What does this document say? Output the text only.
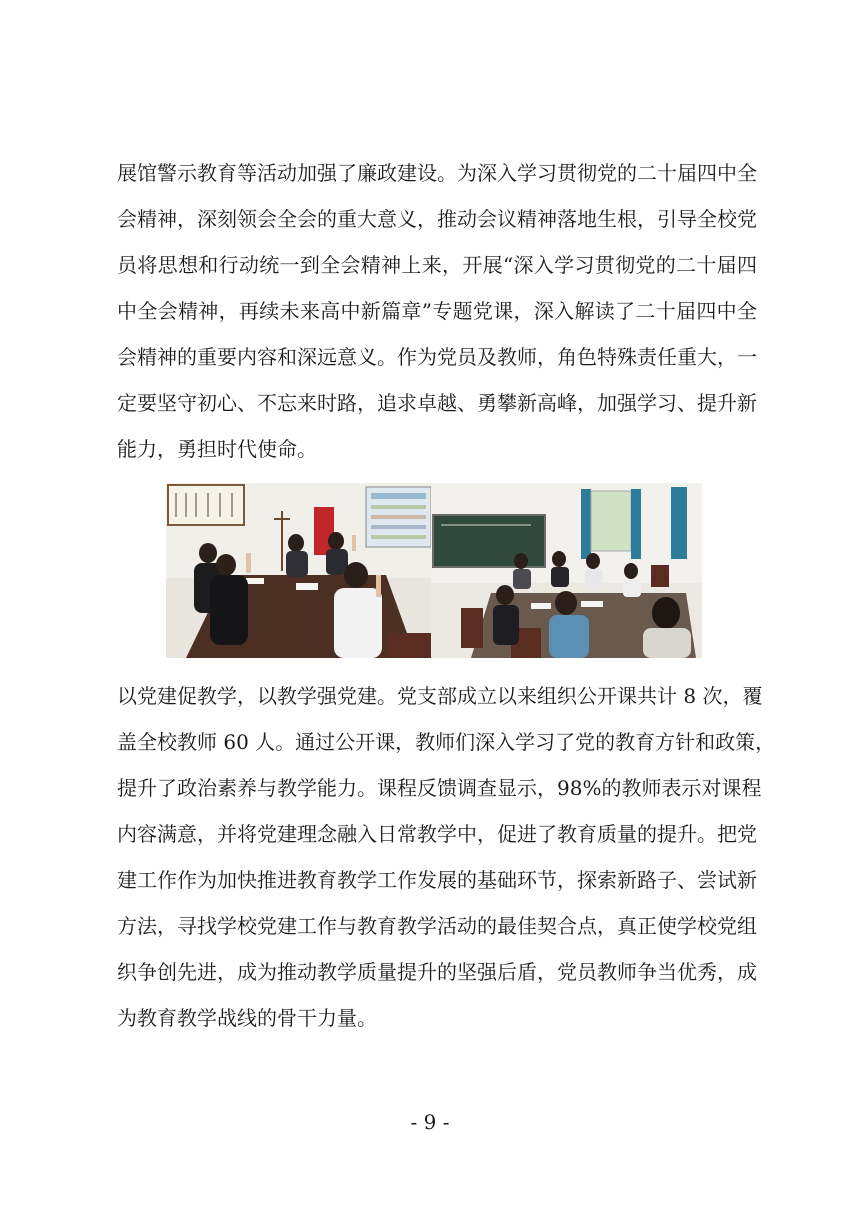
展馆警示教育等活动加强了廉政建设。为深入学习贯彻党的二十届四中全
会精神，深刻领会全会的重大意义，推动会议精神落地生根，引导全校党
员将思想和行动统一到全会精神上来，开展“深入学习贯彻党的二十届四
中全会精神，再续未来高中新篇章”专题党课，深入解读了二十届四中全
会精神的重要内容和深远意义。作为党员及教师，角色特殊责任重大，一
定要坚守初心、不忘来时路，追求卓越、勇攀新高峰，加强学习、提升新
能力，勇担时代使命。
以党建促教学，以教学强党建。党支部成立以来组织公开课共计 8 次，覆
盖全校教师 60 人。通过公开课，教师们深入学习了党的教育方针和政策，
提升了政治素养与教学能力。课程反馈调查显示，98%的教师表示对课程
内容满意，并将党建理念融入日常教学中，促进了教育质量的提升。把党
建工作作为加快推进教育教学工作发展的基础环节，探索新路子、尝试新
方法，寻找学校党建工作与教育教学活动的最佳契合点，真正使学校党组
织争创先进，成为推动教学质量提升的坚强后盾，党员教师争当优秀，成
为教育教学战线的骨干力量。
- 9 -
